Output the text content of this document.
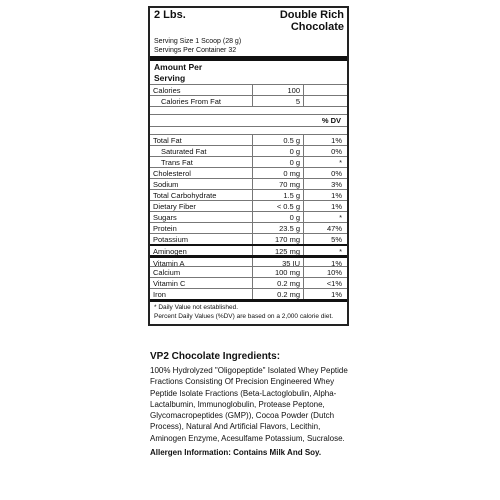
2 Lbs.	Double Rich Chocolate
Serving Size 1 Scoop (28 g)
Servings Per Container 32
Amount Per Serving
Calories	100
Calories From Fat	5
% DV
Total Fat	0.5 g	1%
Saturated Fat	0 g	0%
Trans Fat	0 g	*
Cholesterol	0 mg	0%
Sodium	70 mg	3%
Total Carbohydrate	1.5 g	1%
Dietary Fiber	< 0.5 g	1%
Sugars	0 g	*
Protein	23.5 g	47%
Potassium	170 mg	5%
Aminogen	125 mg	*
Vitamin A	35 IU	1%
Calcium	100 mg	10%
Vitamin C	0.2 mg	<1%
Iron	0.2 mg	1%
* Daily Value not established.
Percent Daily Values (%DV) are based on a 2,000 calorie diet.
VP2 Chocolate Ingredients:
100% Hydrolyzed "Oligopeptide" Isolated Whey Peptide Fractions Consisting Of Precision Engineered Whey Peptide Isolate Fractions (Beta-Lactoglobulin, Alpha-Lactalbumin, Immunoglobulin, Protease Peptone, Glycomacropeptides (GMP)), Cocoa Powder (Dutch Process), Natural And Artificial Flavors, Lecithin, Aminogen Enzyme, Acesulfame Potassium, Sucralose.
Allergen Information: Contains Milk And Soy.
